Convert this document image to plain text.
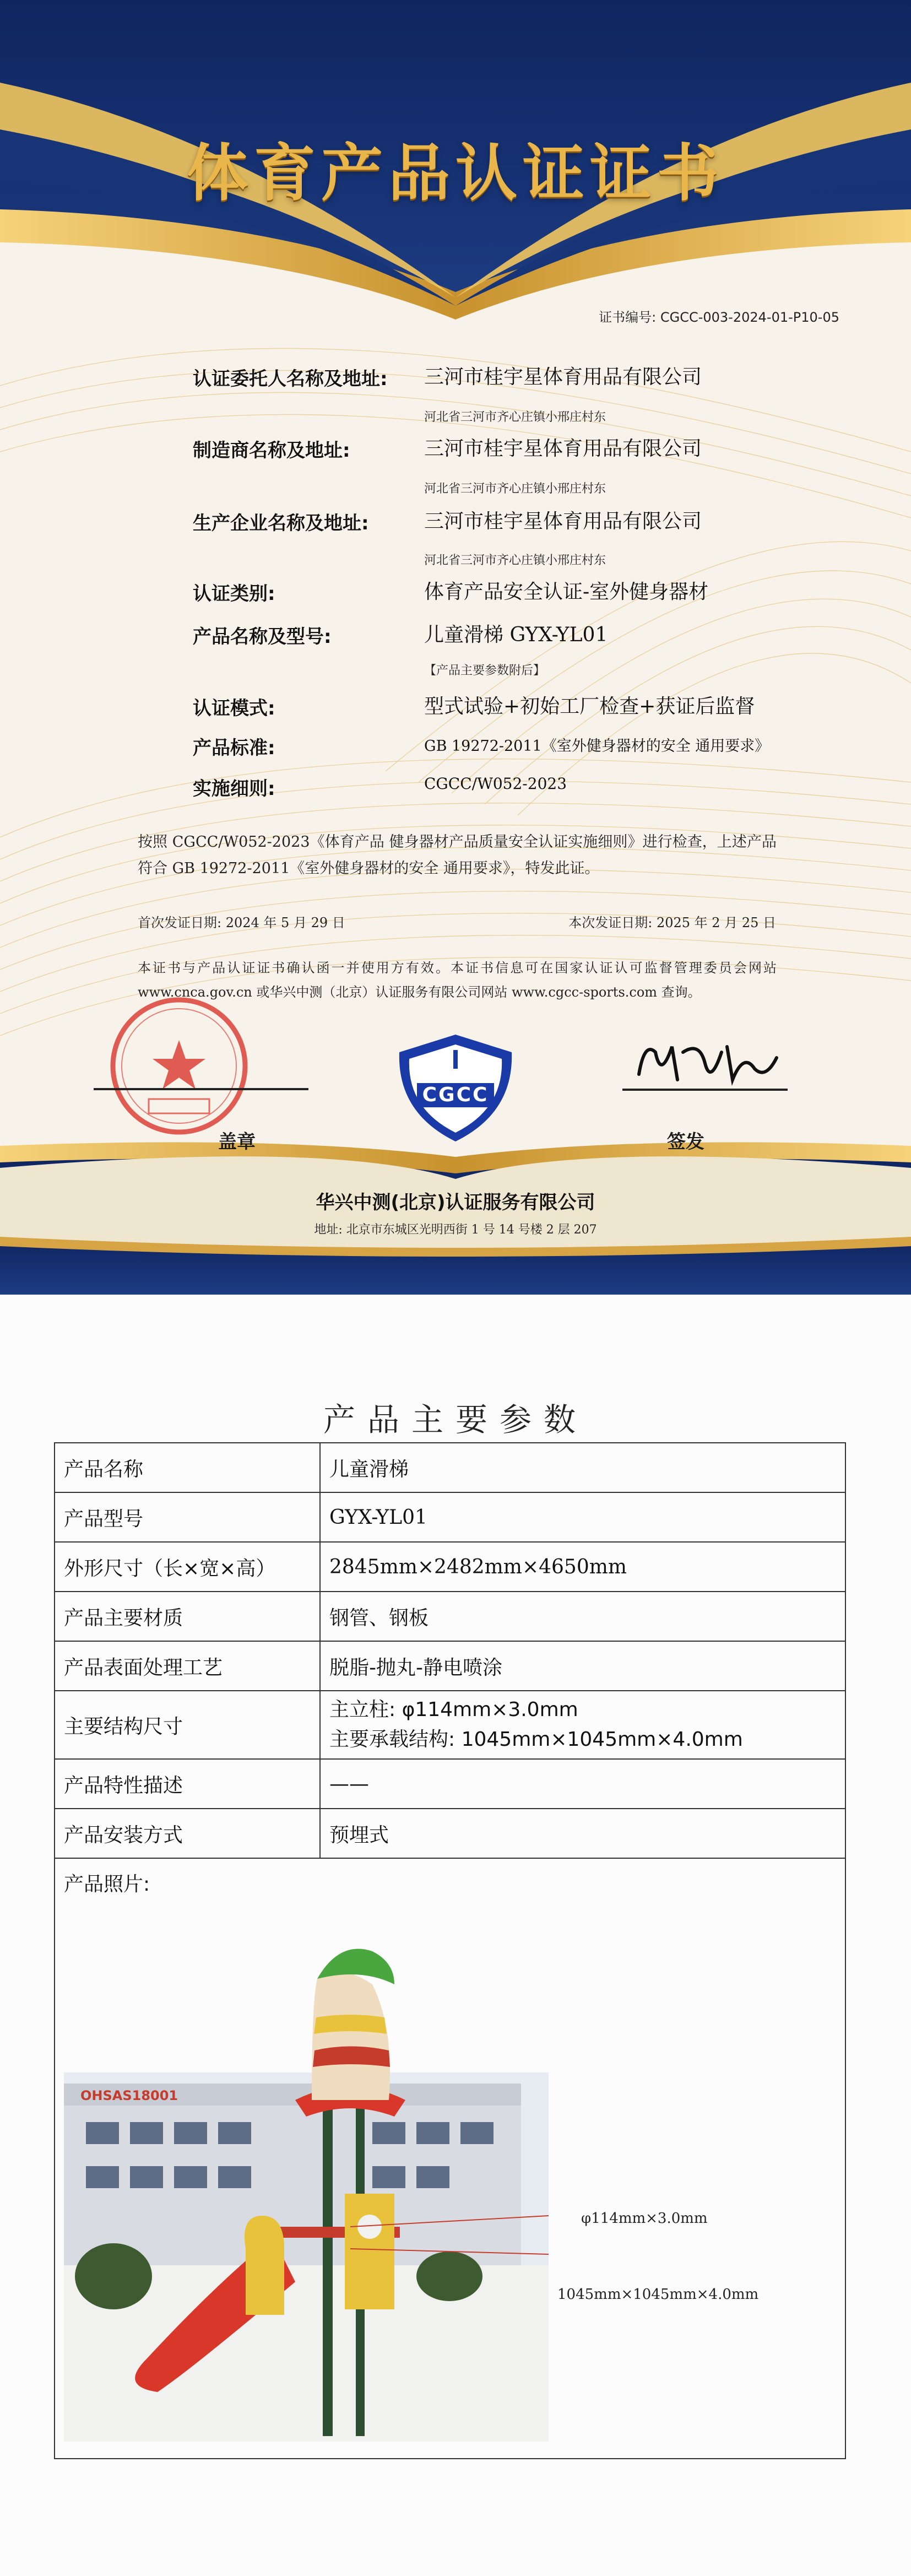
体育产品认证证书
证书编号: CGCC-003-2024-01-P10-05
认证委托人名称及地址:	三河市桂宇星体育用品有限公司
河北省三河市齐心庄镇小邢庄村东
制造商名称及地址:	三河市桂宇星体育用品有限公司
河北省三河市齐心庄镇小邢庄村东
生产企业名称及地址:	三河市桂宇星体育用品有限公司
河北省三河市齐心庄镇小邢庄村东
认证类别:	体育产品安全认证-室外健身器材
产品名称及型号:	儿童滑梯 GYX-YL01
【产品主要参数附后】
认证模式:	型式试验+初始工厂检查+获证后监督
产品标准:	GB 19272-2011《室外健身器材的安全 通用要求》
实施细则:	CGCC/W052-2023
按照 CGCC/W052-2023《体育产品 健身器材产品质量安全认证实施细则》进行检查，上述产品符合 GB 19272-2011《室外健身器材的安全 通用要求》，特发此证。
首次发证日期: 2024 年 5 月 29 日	本次发证日期: 2025 年 2 月 25 日
本证书与产品认证证书确认函一并使用方有效。本证书信息可在国家认证认可监督管理委员会网站 www.cnca.gov.cn 或华兴中测（北京）认证服务有限公司网站 www.cgcc-sports.com 查询。
盖章
CGCC
签发
华兴中测(北京)认证服务有限公司
地址: 北京市东城区光明西街 1 号 14 号楼 2 层 207
产品主要参数
产品名称	儿童滑梯
产品型号	GYX-YL01
外形尺寸（长×宽×高）	2845mm×2482mm×4650mm
产品主要材质	钢管、钢板
产品表面处理工艺	脱脂-抛丸-静电喷涂
主要结构尺寸	主立柱: φ114mm×3.0mm
主要承载结构: 1045mm×1045mm×4.0mm

产品特性描述	——
产品安装方式	预埋式

产品照片:
OHSAS18001
φ114mm×3.0mm
1045mm×1045mm×4.0mm	
